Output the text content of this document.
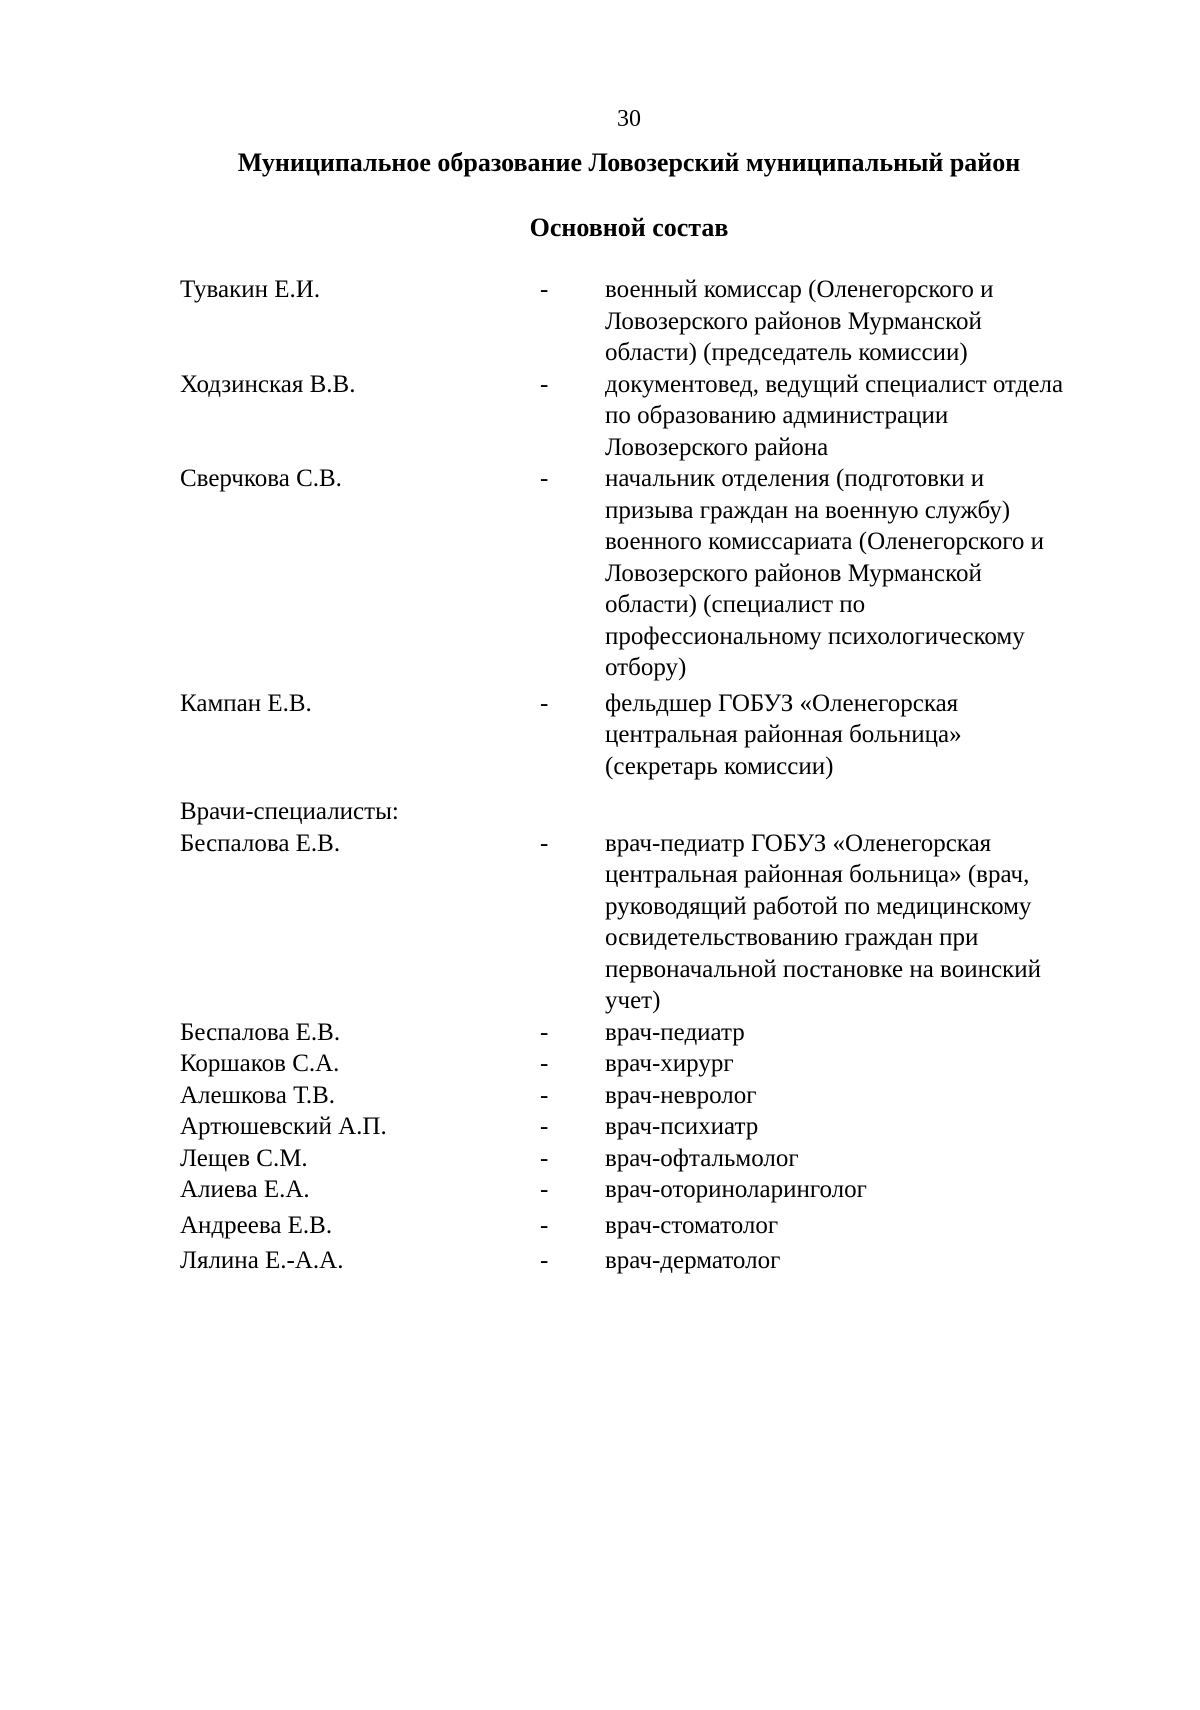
30
Муниципальное образование Ловозерский муниципальный район
Основной состав
Тувакин Е.И.	-	военный комиссар (Оленегорского и
Ловозерского районов Мурманской
области) (председатель комиссии)
Ходзинская В.В.	-	документовед, ведущий специалист отдела
по образованию администрации
Ловозерского района
Сверчкова С.В.	-	начальник отделения (подготовки и
призыва граждан на военную службу)
военного комиссариата (Оленегорского и
Ловозерского районов Мурманской
области) (специалист по
профессиональному психологическому
отбору)
Кампан Е.В.	-	фельдшер ГОБУЗ «Оленегорская
центральная районная больница»
(секретарь комиссии)
Врачи-специалисты:
Беспалова Е.В.	-	врач-педиатр ГОБУЗ «Оленегорская
центральная районная больница» (врач,
руководящий работой по медицинскому
освидетельствованию граждан при
первоначальной постановке на воинский
учет)
Беспалова Е.В.	-	врач-педиатр
Коршаков С.А.	-	врач-хирург
Алешкова Т.В.	-	врач-невролог
Артюшевский А.П.	-	врач-психиатр
Лещев С.М.	-	врач-офтальмолог
Алиева Е.А.	-	врач-оториноларинголог
Андреева Е.В.	-	врач-стоматолог
Лялина Е.-А.А.	-	врач-дерматолог
